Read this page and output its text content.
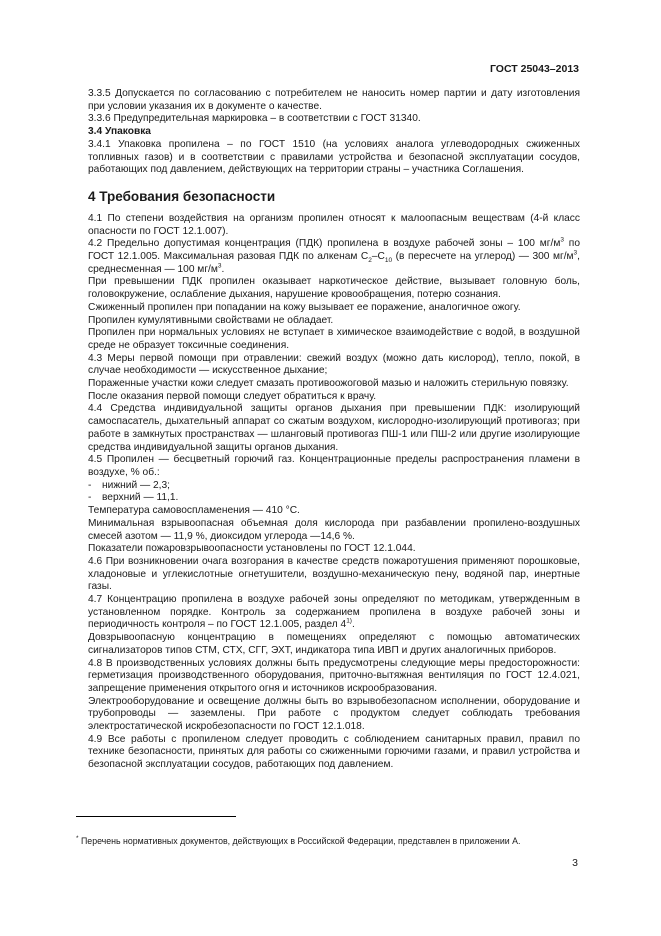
ГОСТ 25043–2013

3.3.5 Допускается по согласованию с потребителем не наносить номер партии и дату изготовления при условии указания их в документе о качестве.

3.3.6 Предупредительная маркировка – в соответствии с ГОСТ 31340.

3.4 Упаковка

3.4.1 Упаковка пропилена – по ГОСТ 1510 (на условиях аналога углеводородных сжиженных топливных газов) и в соответствии с правилами устройства и безопасной эксплуатации сосудов, работающих под давлением, действующих на территории страны – участника Соглашения.

4 Требования безопасности

4.1 По степени воздействия на организм пропилен относят к малоопасным веществам (4-й класс опасности по ГОСТ 12.1.007).

4.2 Предельно допустимая концентрация (ПДК) пропилена в воздухе рабочей зоны – 100 $мг/м^3$ по ГОСТ 12.1.005. Максимальная разовая ПДК по алкенам $С_2-С_{10}$ (в пересчете на углерод) — 300 $мг/м^3$, среднесменная — 100 $мг/м^3$.

При превышении ПДК пропилен оказывает наркотическое действие, вызывает головную боль, головокружение, ослабление дыхания, нарушение кровообращения, потерю сознания.

Сжиженный пропилен при попадании на кожу вызывает ее поражение, аналогичное ожогу.

Пропилен кумулятивными свойствами не обладает.

Пропилен при нормальных условиях не вступает в химическое взаимодействие с водой, в воздушной среде не образует токсичные соединения.

4.3 Меры первой помощи при отравлении: свежий воздух (можно дать кислород), тепло, покой, в случае необходимости — искусственное дыхание;

Пораженные участки кожи следует смазать противоожоговой мазью и наложить стерильную повязку.

После оказания первой помощи следует обратиться к врачу.

4.4 Средства индивидуальной защиты органов дыхания при превышении ПДК: изолирующий самоспасатель, дыхательный аппарат со сжатым воздухом, кислородно-изолирующий противогаз; при работе в замкнутых пространствах — шланговый противогаз ПШ-1 или ПШ-2 или другие изолирующие средства индивидуальной защиты органов дыхания.

4.5 Пропилен — бесцветный горючий газ. Концентрационные пределы распространения пламени в воздухе, % об.:

-	нижний — 2,3;
-	верхний — 11,1.

Температура самовоспламенения — 410 °С.

Минимальная взрывоопасная объемная доля кислорода при разбавлении пропилено-воздушных смесей азотом — 11,9 %, диоксидом углерода —14,6 %.

Показатели пожаровзрывоопасности установлены по ГОСТ 12.1.044.

4.6 При возникновении очага возгорания в качестве средств пожаротушения применяют порошковые, хладоновые и углекислотные огнетушители, воздушно-механическую пену, водяной пар, инертные газы.

4.7 Концентрацию пропилена в воздухе рабочей зоны определяют по методикам, утвержденным в установленном порядке. Контроль за содержанием пропилена в воздухе рабочей зоны и периодичность контроля – по ГОСТ 12.1.005, раздел 4$^{1)}$.

Довзрывоопасную концентрацию в помещениях определяют с помощью автоматических сигнализаторов типов СТМ, СТХ, СГГ, ЭХТ, индикатора типа ИВП и других аналогичных приборов.

4.8 В производственных условиях должны быть предусмотрены следующие меры предосторожности: герметизация производственного оборудования, приточно-вытяжная вентиляция по ГОСТ 12.4.021, запрещение применения открытого огня и источников искрообразования.

Электрооборудование и освещение должны быть во взрывобезопасном исполнении, оборудование и трубопроводы — заземлены. При работе с продуктом следует соблюдать требования электростатической искробезопасности по ГОСТ 12.1.018.

4.9 Все работы с пропиленом следует проводить с соблюдением санитарных правил, правил по технике безопасности, принятых для работы со сжиженными горючими газами, и правил устройства и безопасной эксплуатации сосудов, работающих под давлением.

* Перечень нормативных документов, действующих в Российской Федерации, представлен в приложении А.
3
